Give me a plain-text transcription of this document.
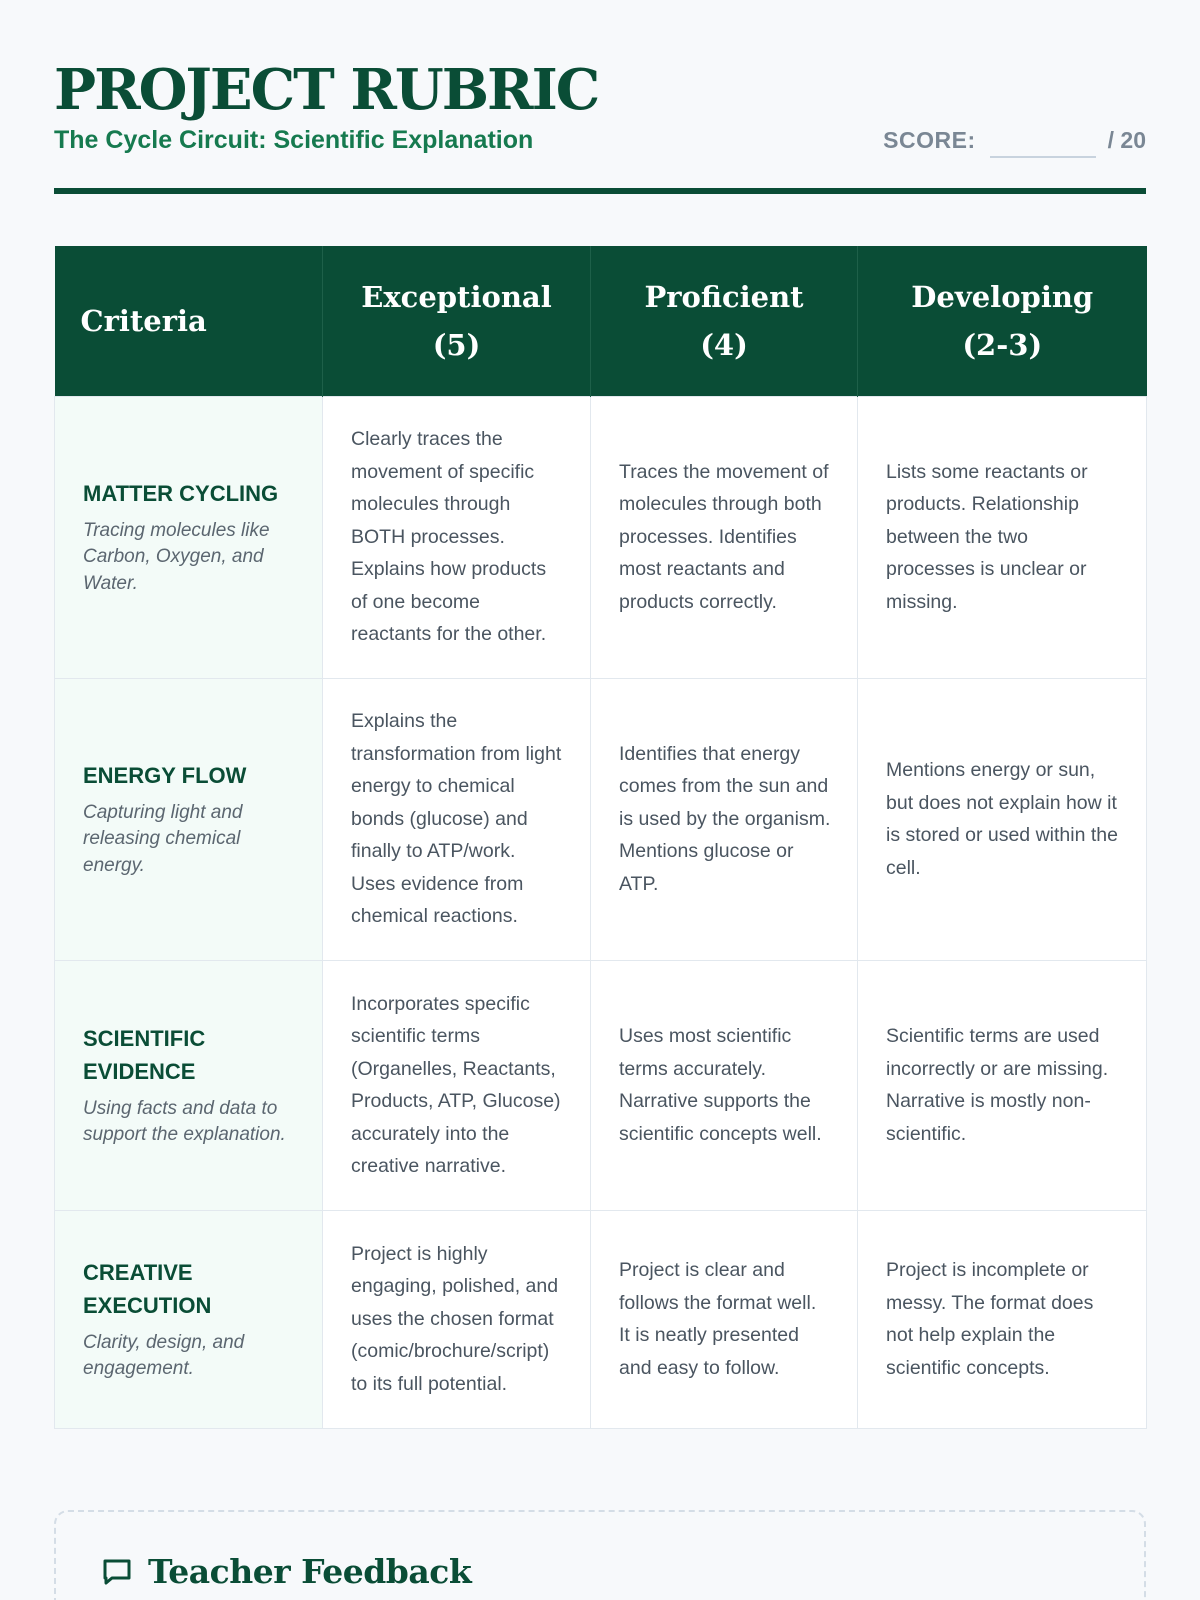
PROJECT RUBRIC
The Cycle Circuit: Scientific Explanation	SCORE:	/ 20
Criteria	Exceptional (5)	Proficient (4)	Developing (2-3)

MATTER CYCLING
Tracing molecules like Carbon, Oxygen, and Water.	Clearly traces the movement of specific molecules through BOTH processes. Explains how products of one become reactants for the other.	Traces the movement of molecules through both processes. Identifies most reactants and products correctly.	Lists some reactants or products. Relationship between the two processes is unclear or missing.

ENERGY FLOW
Capturing light and releasing chemical energy.	Explains the transformation from light energy to chemical bonds (glucose) and finally to ATP/work. Uses evidence from chemical reactions.	Identifies that energy comes from the sun and is used by the organism. Mentions glucose or ATP.	Mentions energy or sun, but does not explain how it is stored or used within the cell.

SCIENTIFIC EVIDENCE
Using facts and data to support the explanation.	Incorporates specific scientific terms (Organelles, Reactants, Products, ATP, Glucose) accurately into the creative narrative.	Uses most scientific terms accurately. Narrative supports the scientific concepts well.	Scientific terms are used incorrectly or are missing. Narrative is mostly non-scientific.

CREATIVE EXECUTION
Clarity, design, and engagement.	Project is highly engaging, polished, and uses the chosen format (comic/brochure/script) to its full potential.	Project is clear and follows the format well. It is neatly presented and easy to follow.	Project is incomplete or messy. The format does not help explain the scientific concepts.
Teacher Feedback
